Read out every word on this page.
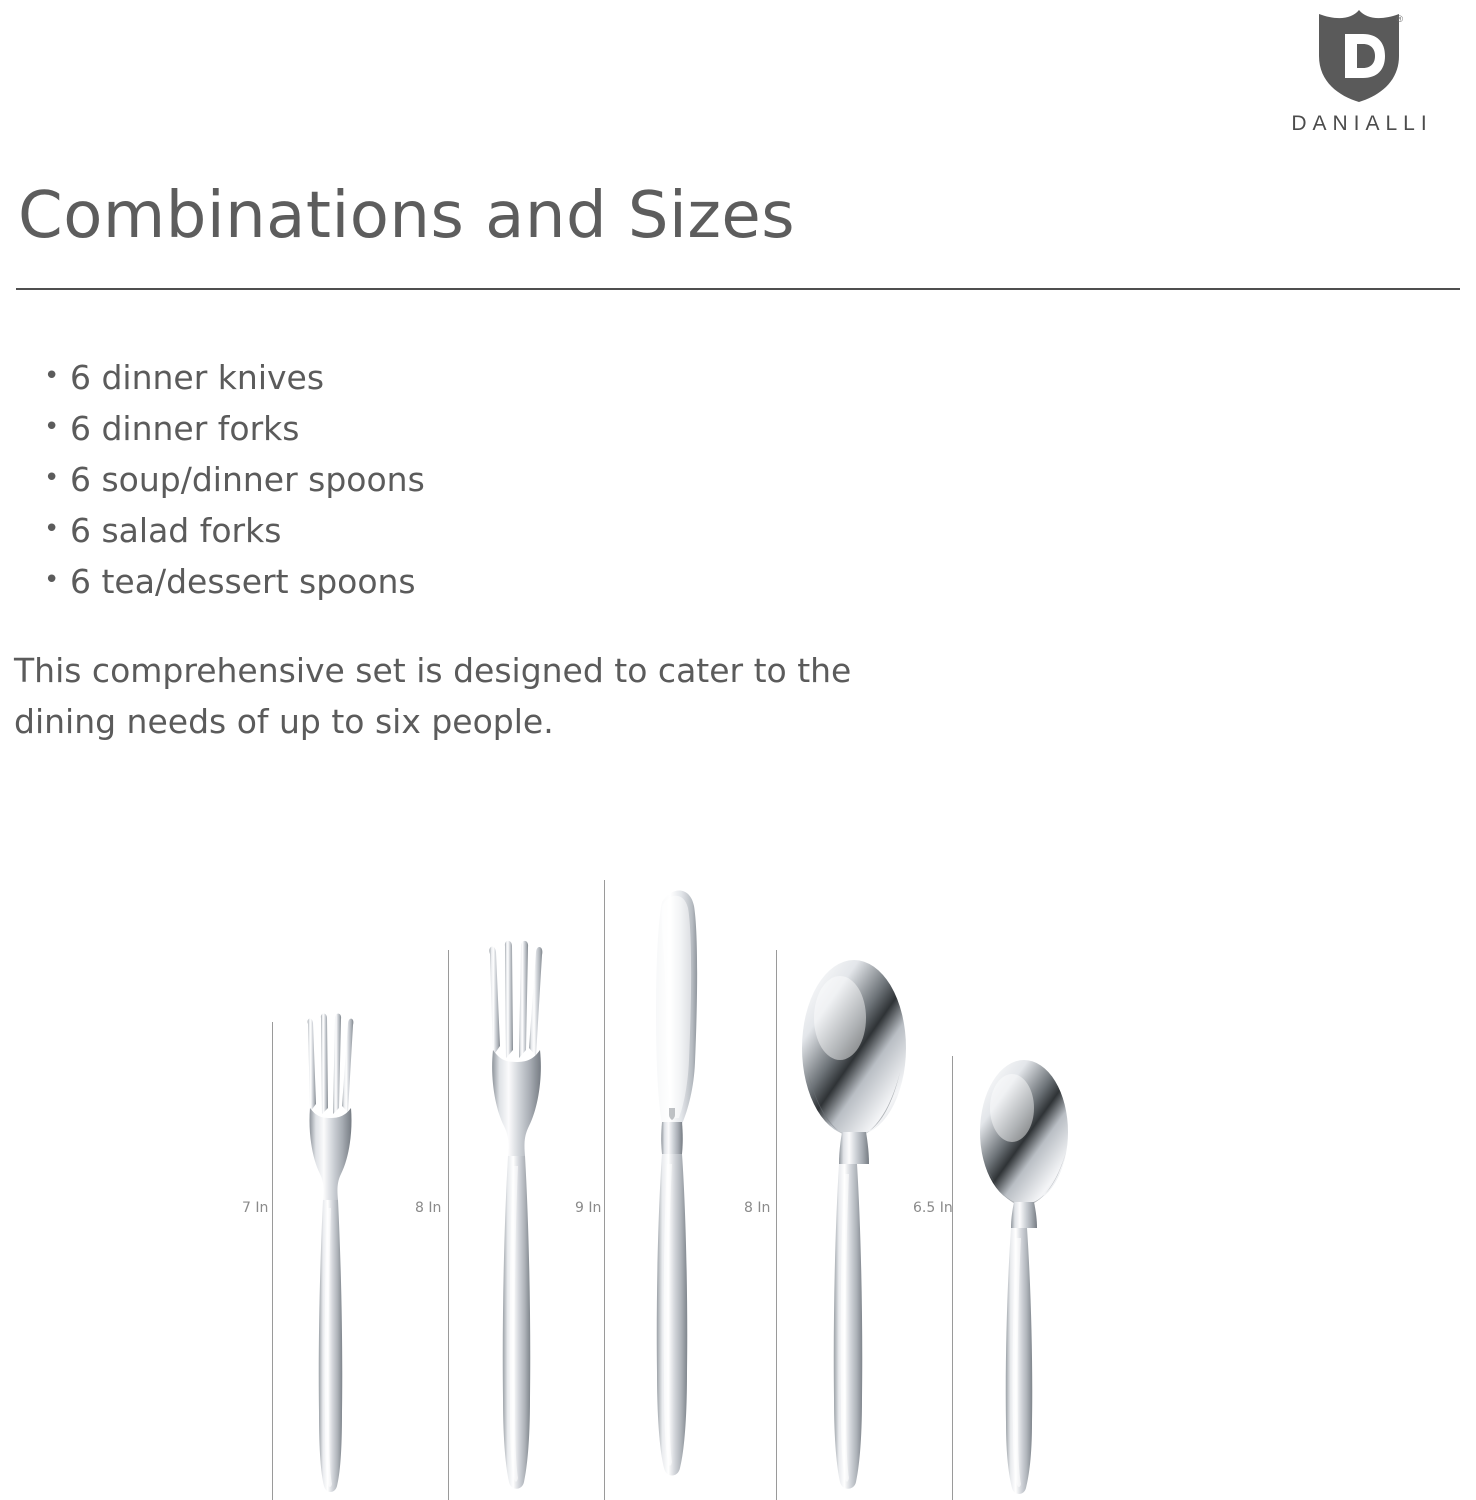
®
DANIALLI
Combinations and Sizes
• 6 dinner knives
• 6 dinner forks
• 6 soup/dinner spoons
• 6 salad forks
• 6 tea/dessert spoons

This comprehensive set is designed to cater to the dining needs of up to six people.

7 In	8 In	9 In	8 In	6.5 In
